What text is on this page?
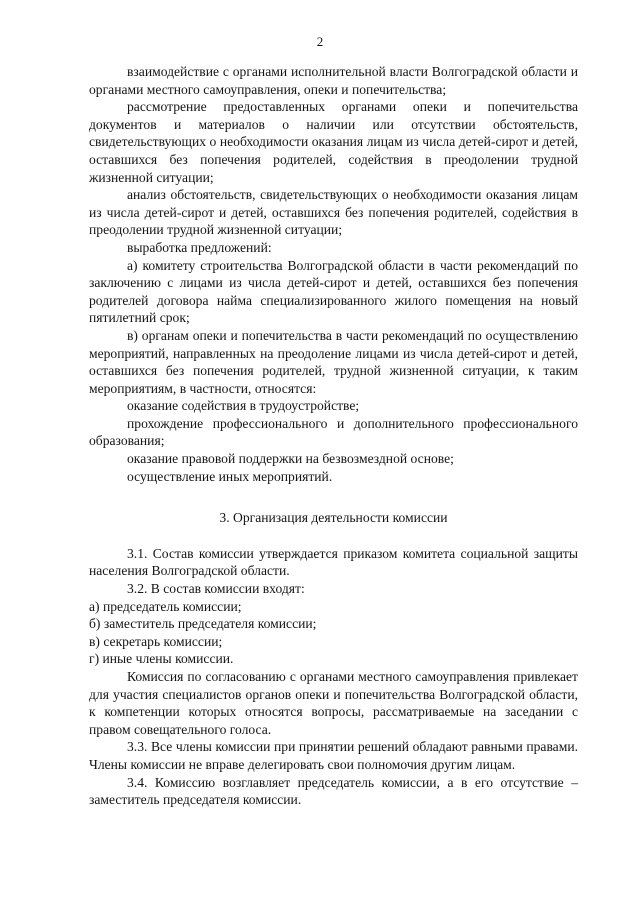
2

взаимодействие с органами исполнительной власти Волгоградской области и органами местного самоуправления, опеки и попечительства;

рассмотрение предоставленных органами опеки и попечительства документов и материалов о наличии или отсутствии обстоятельств, свидетельствующих о необходимости оказания лицам из числа детей-сирот и детей, оставшихся без попечения родителей, содействия в преодолении трудной жизненной ситуации;

анализ обстоятельств, свидетельствующих о необходимости оказания лицам из числа детей-сирот и детей, оставшихся без попечения родителей, содействия в преодолении трудной жизненной ситуации;

выработка предложений:

а) комитету строительства Волгоградской области в части рекомендаций по заключению с лицами из числа детей-сирот и детей, оставшихся без попечения родителей договора найма специализированного жилого помещения на новый пятилетний срок;

в) органам опеки и попечительства в части рекомендаций по осуществлению мероприятий, направленных на преодоление лицами из числа детей-сирот и детей, оставшихся без попечения родителей, трудной жизненной ситуации, к таким мероприятиям, в частности, относятся:

оказание содействия в трудоустройстве;

прохождение профессионального и дополнительного профессионального образования;

оказание правовой поддержки на безвозмездной основе;

осуществление иных мероприятий.

3. Организация деятельности комиссии

3.1. Состав комиссии утверждается приказом комитета социальной защиты населения Волгоградской области.

3.2. В состав комиссии входят:

а) председатель комиссии;

б) заместитель председателя комиссии;

в) секретарь комиссии;

г) иные члены комиссии.

Комиссия по согласованию с органами местного самоуправления привлекает для участия специалистов органов опеки и попечительства Волгоградской области, к компетенции которых относятся вопросы, рассматриваемые на заседании с правом совещательного голоса.

3.3. Все члены комиссии при принятии решений обладают равными правами. Члены комиссии не вправе делегировать свои полномочия другим лицам.

3.4. Комиссию возглавляет председатель комиссии, а в его отсутствие – заместитель председателя комиссии.
